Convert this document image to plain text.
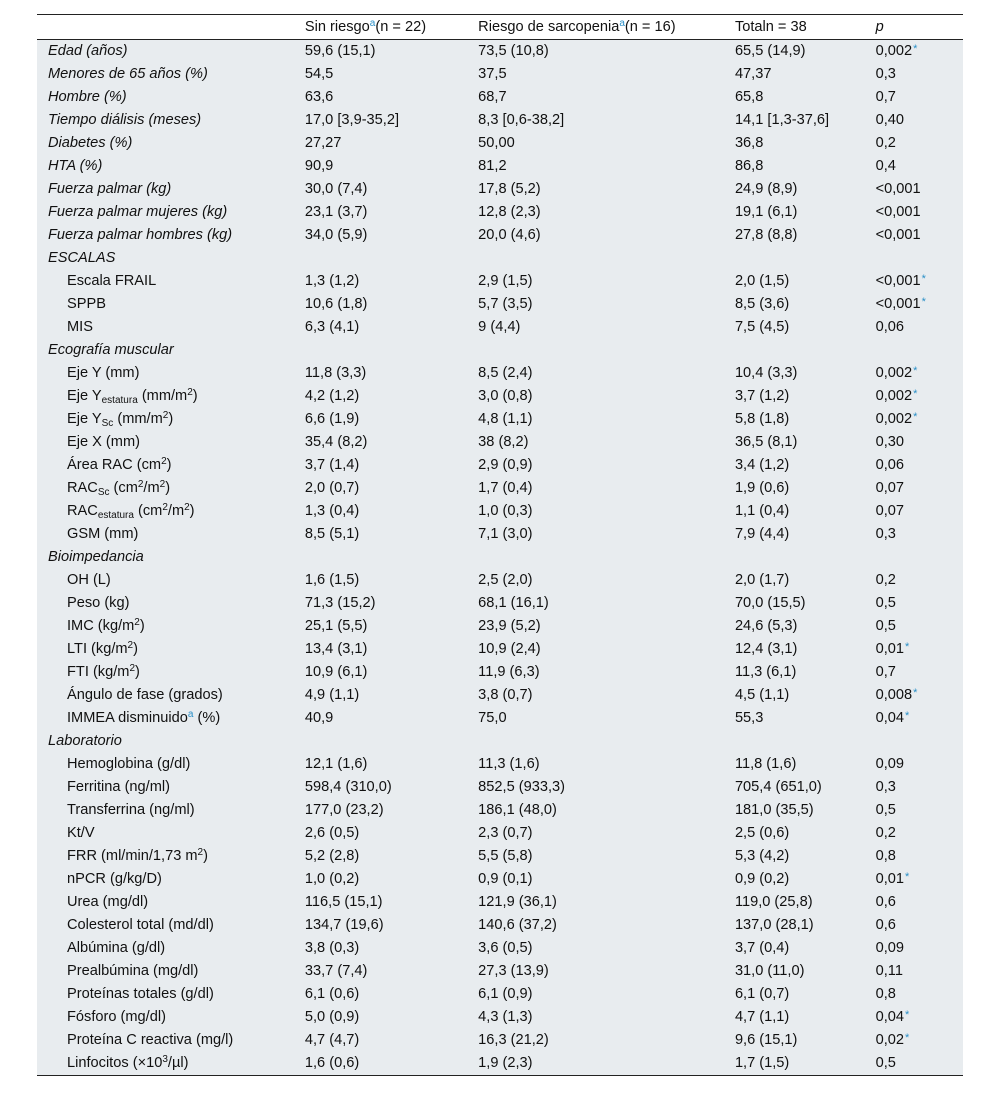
	Sin riesgo$^a$(n = 22)	Riesgo de sarcopenia$^a$(n = 16)	Totaln = 38	p
Edad (años)	59,6 (15,1)	73,5 (10,8)	65,5 (14,9)	0,002*
Menores de 65 años (%)	54,5	37,5	47,37	0,3
Hombre (%)	63,6	68,7	65,8	0,7
Tiempo diálisis (meses)	17,0 [3,9-35,2]	8,3 [0,6-38,2]	14,1 [1,3-37,6]	0,40
Diabetes (%)	27,27	50,00	36,8	0,2
HTA (%)	90,9	81,2	86,8	0,4
Fuerza palmar (kg)	30,0 (7,4)	17,8 (5,2)	24,9 (8,9)	<0,001
Fuerza palmar mujeres (kg)	23,1 (3,7)	12,8 (2,3)	19,1 (6,1)	<0,001
Fuerza palmar hombres (kg)	34,0 (5,9)	20,0 (4,6)	27,8 (8,8)	<0,001
ESCALAS				
Escala FRAIL	1,3 (1,2)	2,9 (1,5)	2,0 (1,5)	<0,001*
SPPB	10,6 (1,8)	5,7 (3,5)	8,5 (3,6)	<0,001*
MIS	6,3 (4,1)	9 (4,4)	7,5 (4,5)	0,06
Ecografía muscular				
Eje Y (mm)	11,8 (3,3)	8,5 (2,4)	10,4 (3,3)	0,002*
Eje $Y_{estatura}$ $(mm/m^2)$	4,2 (1,2)	3,0 (0,8)	3,7 (1,2)	0,002*
Eje $Y_{Sc}$ $(mm/m^2)$	6,6 (1,9)	4,8 (1,1)	5,8 (1,8)	0,002*
Eje X (mm)	35,4 (8,2)	38 (8,2)	36,5 (8,1)	0,30
Área RAC $(cm^2)$	3,7 (1,4)	2,9 (0,9)	3,4 (1,2)	0,06
$RAC_{Sc}$ $(cm^2/m^2)$	2,0 (0,7)	1,7 (0,4)	1,9 (0,6)	0,07
$RAC_{estatura}$ $(cm^2/m^2)$	1,3 (0,4)	1,0 (0,3)	1,1 (0,4)	0,07
GSM (mm)	8,5 (5,1)	7,1 (3,0)	7,9 (4,4)	0,3
Bioimpedancia				
OH (L)	1,6 (1,5)	2,5 (2,0)	2,0 (1,7)	0,2
Peso (kg)	71,3 (15,2)	68,1 (16,1)	70,0 (15,5)	0,5
IMC $(kg/m^2)$	25,1 (5,5)	23,9 (5,2)	24,6 (5,3)	0,5
LTI $(kg/m^2)$	13,4 (3,1)	10,9 (2,4)	12,4 (3,1)	0,01*
FTI $(kg/m^2)$	10,9 (6,1)	11,9 (6,3)	11,3 (6,1)	0,7
Ángulo de fase (grados)	4,9 (1,1)	3,8 (0,7)	4,5 (1,1)	0,008*
IMMEA disminuido$^a$ (%)	40,9	75,0	55,3	0,04*
Laboratorio				
Hemoglobina (g/dl)	12,1 (1,6)	11,3 (1,6)	11,8 (1,6)	0,09
Ferritina (ng/ml)	598,4 (310,0)	852,5 (933,3)	705,4 (651,0)	0,3
Transferrina (ng/ml)	177,0 (23,2)	186,1 (48,0)	181,0 (35,5)	0,5
Kt/V	2,6 (0,5)	2,3 (0,7)	2,5 (0,6)	0,2
FRR (ml/min/1,73 $m^2$)	5,2 (2,8)	5,5 (5,8)	5,3 (4,2)	0,8
nPCR (g/kg/D)	1,0 (0,2)	0,9 (0,1)	0,9 (0,2)	0,01*
Urea (mg/dl)	116,5 (15,1)	121,9 (36,1)	119,0 (25,8)	0,6
Colesterol total (md/dl)	134,7 (19,6)	140,6 (37,2)	137,0 (28,1)	0,6
Albúmina (g/dl)	3,8 (0,3)	3,6 (0,5)	3,7 (0,4)	0,09
Prealbúmina (mg/dl)	33,7 (7,4)	27,3 (13,9)	31,0 (11,0)	0,11
Proteínas totales (g/dl)	6,1 (0,6)	6,1 (0,9)	6,1 (0,7)	0,8
Fósforo (mg/dl)	5,0 (0,9)	4,3 (1,3)	4,7 (1,1)	0,04*
Proteína C reactiva (mg/l)	4,7 (4,7)	16,3 (21,2)	9,6 (15,1)	0,02*
Linfocitos $(\times 10^3/\mu l)$	1,6 (0,6)	1,9 (2,3)	1,7 (1,5)	0,5
